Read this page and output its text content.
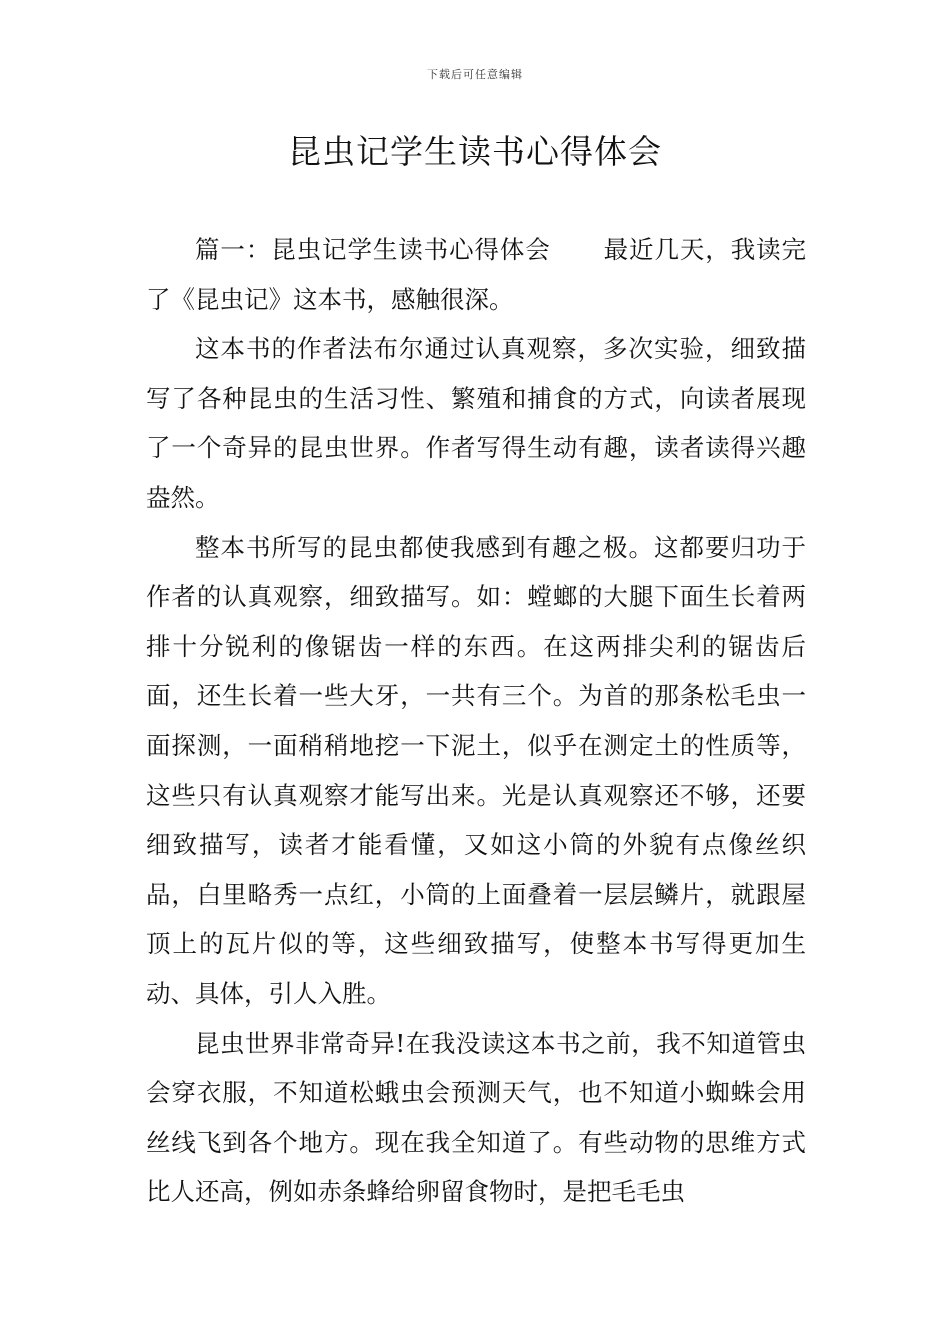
下载后可任意编辑
昆虫记学生读书心得体会

篇一：昆虫记学生读书心得体会 最近几天，我读完了《昆虫记》这本书，感触很深。

这本书的作者法布尔通过认真观察，多次实验，细致描写了各种昆虫的生活习性、繁殖和捕食的方式，向读者展现了一个奇异的昆虫世界。作者写得生动有趣，读者读得兴趣盎然。

整本书所写的昆虫都使我感到有趣之极。这都要归功于作者的认真观察，细致描写。如：螳螂的大腿下面生长着两排十分锐利的像锯齿一样的东西。在这两排尖利的锯齿后面，还生长着一些大牙，一共有三个。为首的那条松毛虫一面探测，一面稍稍地挖一下泥土，似乎在测定土的性质等，这些只有认真观察才能写出来。光是认真观察还不够，还要细致描写，读者才能看懂，又如这小筒的外貌有点像丝织品，白里略秀一点红，小筒的上面叠着一层层鳞片，就跟屋顶上的瓦片似的等，这些细致描写，使整本书写得更加生动、具体，引人入胜。

昆虫世界非常奇异!在我没读这本书之前，我不知道管虫会穿衣服，不知道松蛾虫会预测天气，也不知道小蜘蛛会用丝线飞到各个地方。现在我全知道了。有些动物的思维方式比人还高，例如赤条蜂给卵留食物时，是把毛毛虫
